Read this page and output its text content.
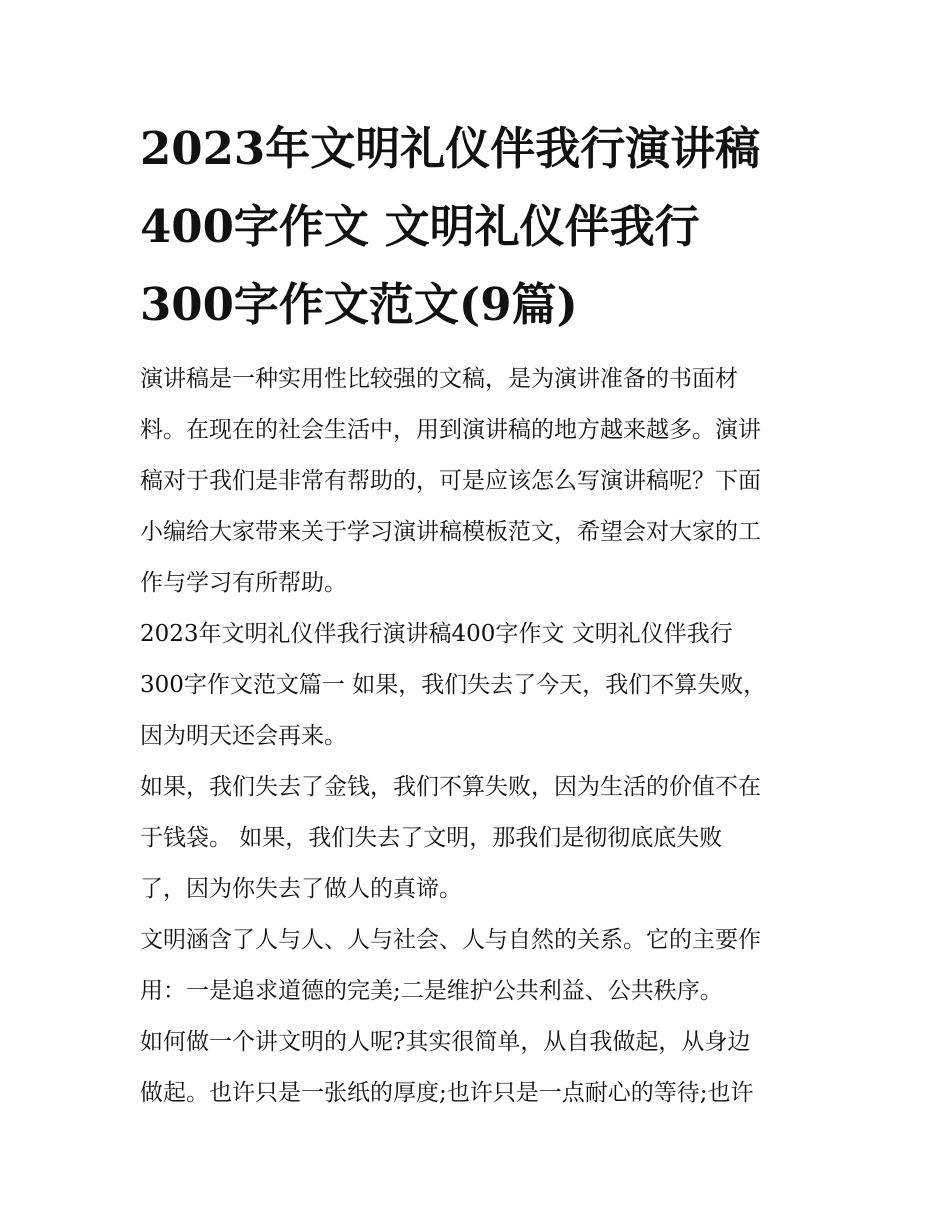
2023年文明礼仪伴我行演讲稿
400字作文 文明礼仪伴我行
300字作文范文(9篇)

演讲稿是一种实用性比较强的文稿，是为演讲准备的书面材
料。在现在的社会生活中，用到演讲稿的地方越来越多。演讲
稿对于我们是非常有帮助的，可是应该怎么写演讲稿呢？下面
小编给大家带来关于学习演讲稿模板范文，希望会对大家的工
作与学习有所帮助。

2023年文明礼仪伴我行演讲稿400字作文 文明礼仪伴我行
300字作文范文篇一 如果，我们失去了今天，我们不算失败，
因为明天还会再来。

如果，我们失去了金钱，我们不算失败，因为生活的价值不在
于钱袋。 如果，我们失去了文明，那我们是彻彻底底失败
了，因为你失去了做人的真谛。

文明涵含了人与人、人与社会、人与自然的关系。它的主要作
用：一是追求道德的完美;二是维护公共利益、公共秩序。

如何做一个讲文明的人呢?其实很简单，从自我做起，从身边
做起。也许只是一张纸的厚度;也许只是一点耐心的等待;也许
